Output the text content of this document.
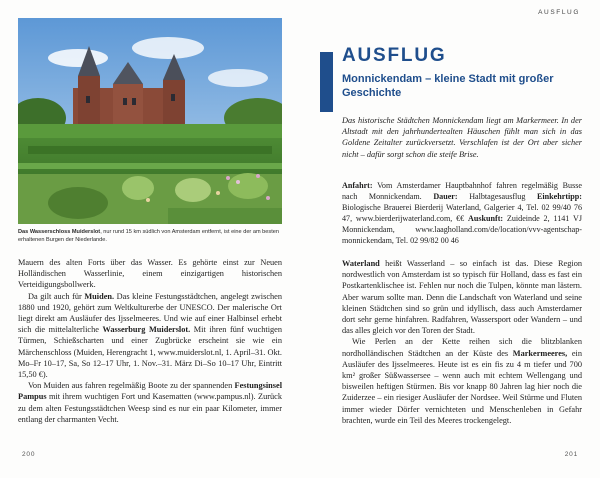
Das Wasserschloss Muiderslot, nur rund 15 km südlich von Amsterdam entfernt, ist eine der am besten erhaltenen Burgen der Niederlande.

Mauern des alten Forts über das Wasser. Es gehörte einst zur Neuen Holländischen Wasserlinie, einem einzigartigen historischen Verteidigungsbollwerk.

Da gilt auch für Muiden. Das kleine Festungsstädtchen, angelegt zwischen 1880 und 1920, gehört zum Weltkulturerbe der UNESCO. Der malerische Ort liegt direkt am Ausläufer des Ijsselmeeres. Und wie auf einer Halbinsel erhebt sich die mittelalterliche Wasserburg Muiderslot. Mit ihren fünf wuchtigen Türmen, Schießscharten und einer Zugbrücke erscheint sie wie ein Märchenschloss (Muiden, Herengracht 1, www.muiderslot.nl, 1. April–31. Okt. Mo–Fr 10–17, Sa, So 12–17 Uhr, 1. Nov.–31. März Di–So 10–17 Uhr, Eintritt 15,50 €).

Von Muiden aus fahren regelmäßig Boote zu der spannenden Festungsinsel Pampus mit ihrem wuchtigen Fort und Kasematten (www.pampus.nl). Zurück zu dem alten Festungsstädtchen Weesp sind es nur ein paar Kilometer, immer entlang der charmanten Vecht.

200
AUSFLUG
AUSFLUG
Monnickendam – kleine Stadt mit großer Geschichte
Das historische Städtchen Monnickendam liegt am Markermeer. In der Altstadt mit den jahrhundertealten Häuschen fühlt man sich in das Goldene Zeitalter zurückversetzt. Verschlafen ist der Ort aber sicher nicht – dafür sorgt schon die steife Brise.
Anfahrt: Vom Amsterdamer Hauptbahnhof fahren regelmäßig Busse nach Monnickendam. Dauer: Halbtagesausflug Einkehrtipp: Biologische Brauerei Bierderij Waterland, Galgerier 4, Tel. 02 99/40 76 47, www.bierderijwaterland.com, €€ Auskunft: Zuideinde 2, 1141 VJ Monnickendam, www.laagholland.com/de/location/vvv-agentschap-monnickendam, Tel. 02 99/82 00 46

Waterland heißt Wasserland – so einfach ist das. Diese Region nordwestlich von Amsterdam ist so typisch für Holland, dass es fast ein Postkartenklischee ist. Fehlen nur noch die Tulpen, könnte man lästern. Aber warum sollte man. Denn die Landschaft von Waterland und seine kleinen Städtchen sind so grün und idyllisch, dass auch Amsterdamer dort sehr gerne hinfahren. Radfahren, Wassersport oder Wandern – und das alles gleich vor den Toren der Stadt.

Wie Perlen an der Kette reihen sich die blitzblanken nordholländischen Städtchen an der Küste des Markermeeres, ein Ausläufer des Ijsselmeeres. Heute ist es ein fis zu 4 m tiefer und 700 km² großer Süßwassersee – wenn auch mit echtem Wellengang und bisweilen heftigen Stürmen. Bis vor knapp 80 Jahren lag hier noch die Zuiderzee – ein riesiger Ausläufer der Nordsee. Weil Stürme und Fluten immer wieder Dörfer vernichteten und Menschenleben in Gefahr brachten, wurde ein Teil des Meeres trockengelegt.

201
